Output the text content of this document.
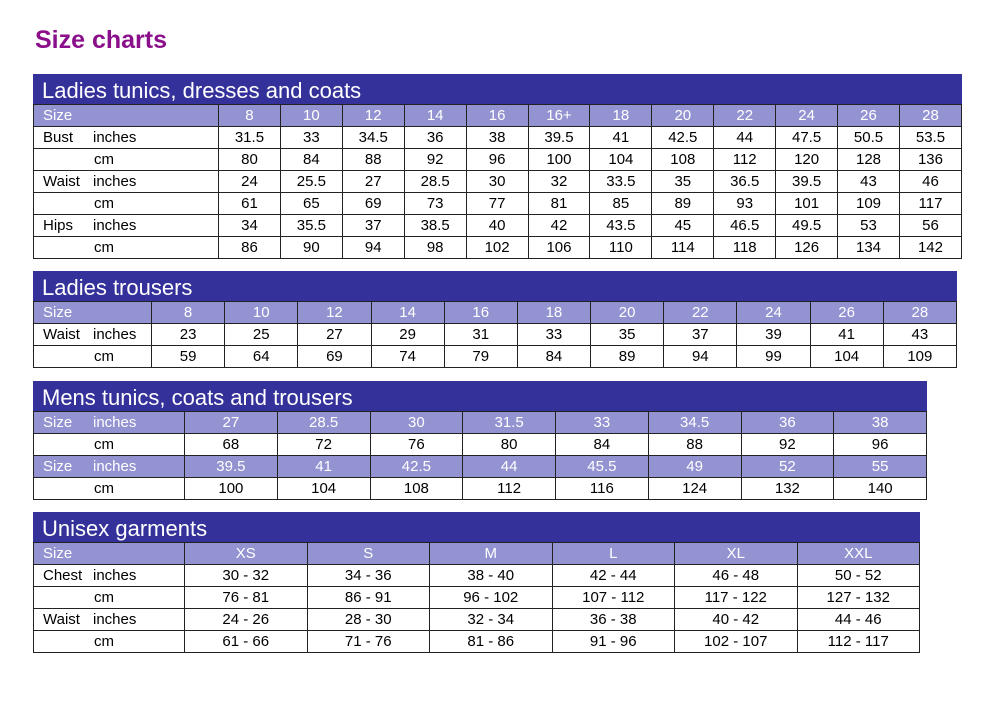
Size charts
Ladies tunics, dresses and coats
Size	8	10	12	14	16	16+	18	20	22	24	26	28
Bust inches	31.5	33	34.5	36	38	39.5	41	42.5	44	47.5	50.5	53.5
cm	80	84	88	92	96	100	104	108	112	120	128	136
Waist inches	24	25.5	27	28.5	30	32	33.5	35	36.5	39.5	43	46
cm	61	65	69	73	77	81	85	89	93	101	109	117
Hips inches	34	35.5	37	38.5	40	42	43.5	45	46.5	49.5	53	56
cm	86	90	94	98	102	106	110	114	118	126	134	142
Ladies trousers
Size	8	10	12	14	16	18	20	22	24	26	28
Waist inches	23	25	27	29	31	33	35	37	39	41	43
cm	59	64	69	74	79	84	89	94	99	104	109
Mens tunics, coats and trousers
Size inches	27	28.5	30	31.5	33	34.5	36	38
cm	68	72	76	80	84	88	92	96
Size inches	39.5	41	42.5	44	45.5	49	52	55
cm	100	104	108	112	116	124	132	140
Unisex garments
Size	XS	S	M	L	XL	XXL
Chest inches	30 - 32	34 - 36	38 - 40	42 - 44	46 - 48	50 - 52
cm	76 - 81	86 - 91	96 - 102	107 - 112	117 - 122	127 - 132
Waist inches	24 - 26	28 - 30	32 - 34	36 - 38	40 - 42	44 - 46
cm	61 - 66	71 - 76	81 - 86	91 - 96	102 - 107	112 - 117
